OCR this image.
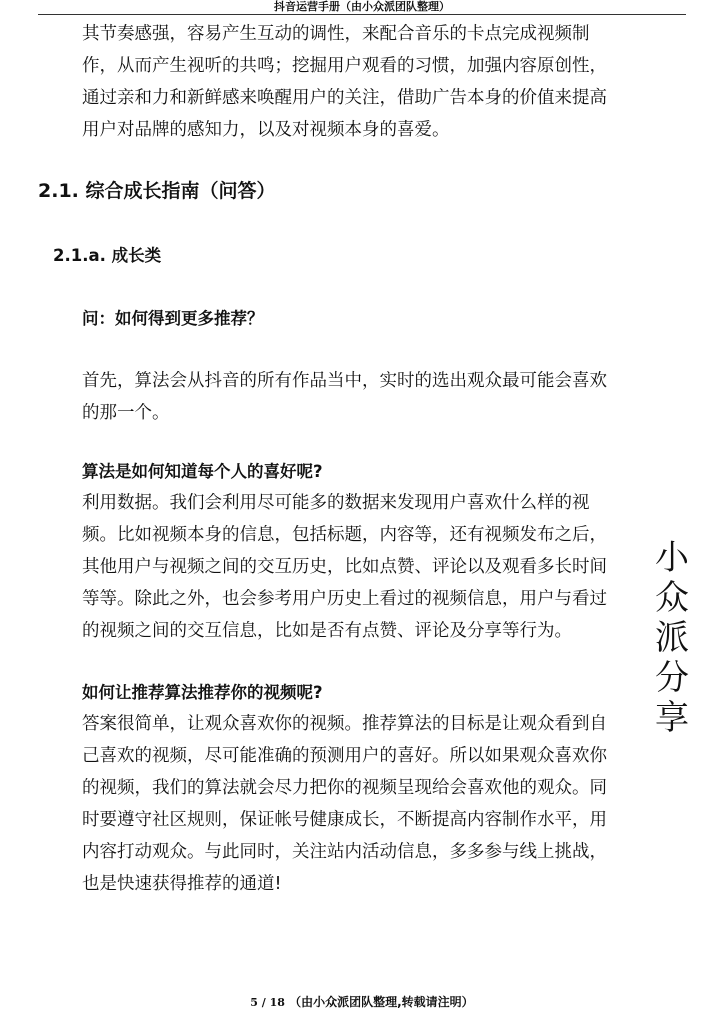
抖音运营手册（由小众派团队整理）

其节奏感强，容易产生互动的调性，来配合音乐的卡点完成视频制
作，从而产生视听的共鸣；挖掘用户观看的习惯，加强内容原创性，
通过亲和力和新鲜感来唤醒用户的关注，借助广告本身的价值来提高
用户对品牌的感知力，以及对视频本身的喜爱。

2.1. 综合成长指南（问答）
2.1.a. 成长类
问：如何得到更多推荐？

首先，算法会从抖音的所有作品当中，实时的选出观众最可能会喜欢
的那一个。

算法是如何知道每个人的喜好呢?

利用数据。我们会利用尽可能多的数据来发现用户喜欢什么样的视
频。比如视频本身的信息，包括标题，内容等，还有视频发布之后，
其他用户与视频之间的交互历史，比如点赞、评论以及观看多长时间
等等。除此之外，也会参考用户历史上看过的视频信息，用户与看过
的视频之间的交互信息，比如是否有点赞、评论及分享等行为。

如何让推荐算法推荐你的视频呢?

答案很简单，让观众喜欢你的视频。推荐算法的目标是让观众看到自
己喜欢的视频，尽可能准确的预测用户的喜好。所以如果观众喜欢你
的视频，我们的算法就会尽力把你的视频呈现给会喜欢他的观众。同
时要遵守社区规则，保证帐号健康成长，不断提高内容制作水平，用
内容打动观众。与此同时，关注站内活动信息，多多参与线上挑战，
也是快速获得推荐的通道!

小
众
派
分
享
5 / 18 （由小众派团队整理,转载请注明）
